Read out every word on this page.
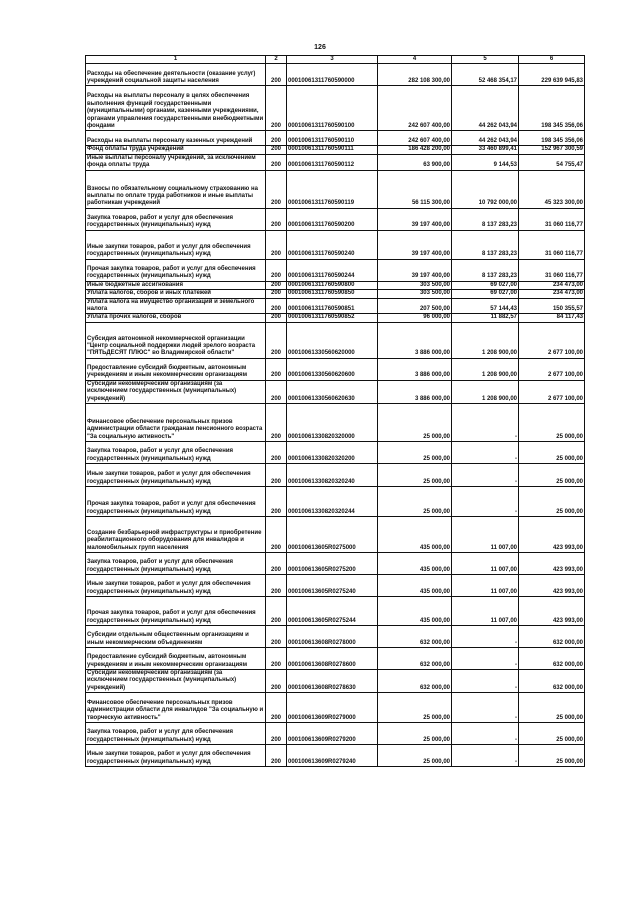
126
1	2	3	4	5	6
Расходы на обеспечение деятельности (оказание услуг) учреждений социальной защиты населения	200	00010061311760590000	282 108 300,00	52 468 354,17	229 639 945,83
Расходы на выплаты персоналу в целях обеспечения выполнения функций государственными (муниципальными) органами, казенными учреждениями, органами управления государственными внебюджетными фондами	200	00010061311760590100	242 607 400,00	44 262 043,94	198 345 356,06
Расходы на выплаты персоналу казенных учреждений	200	00010061311760590110	242 607 400,00	44 262 043,94	198 345 356,06
Фонд оплаты труда учреждений	200	00010061311760590111	186 428 200,00	33 460 899,41	152 967 300,59
Иные выплаты персоналу учреждений, за исключением фонда оплаты труда	200	00010061311760590112	63 900,00	9 144,53	54 755,47
Взносы по обязательному социальному страхованию на выплаты по оплате труда работников и иные выплаты работникам учреждений	200	00010061311760590119	56 115 300,00	10 792 000,00	45 323 300,00
Закупка товаров, работ и услуг для обеспечения государственных (муниципальных) нужд	200	00010061311760590200	39 197 400,00	8 137 283,23	31 060 116,77
Иные закупки товаров, работ и услуг для обеспечения государственных (муниципальных) нужд	200	00010061311760590240	39 197 400,00	8 137 283,23	31 060 116,77
Прочая закупка товаров, работ и услуг для обеспечения государственных (муниципальных) нужд	200	00010061311760590244	39 197 400,00	8 137 283,23	31 060 116,77
Иные бюджетные ассигнования	200	00010061311760590800	303 500,00	69 027,00	234 473,00
Уплата налогов, сборов и иных платежей	200	00010061311760590850	303 500,00	69 027,00	234 473,00
Уплата налога на имущество организаций и земельного налога	200	00010061311760590851	207 500,00	57 144,43	150 355,57
Уплата прочих налогов, сборов	200	00010061311760590852	96 000,00	11 882,57	84 117,43
Субсидия автономной некоммерческой организации "Центр социальной поддержки людей зрелого возраста "ПЯТЬДЕСЯТ ПЛЮС" во Владимирской области"	200	00010061330560620000	3 886 000,00	1 208 900,00	2 677 100,00
Предоставление субсидий бюджетным, автономным учреждениям и иным некоммерческим организациям	200	00010061330560620600	3 886 000,00	1 208 900,00	2 677 100,00
Субсидии некоммерческим организациям (за исключением государственных (муниципальных) учреждений)	200	00010061330560620630	3 886 000,00	1 208 900,00	2 677 100,00
Финансовое обеспечение персональных призов администрации области гражданам пенсионного возраста "За социальную активность"	200	00010061330820320000	25 000,00	-	25 000,00
Закупка товаров, работ и услуг для обеспечения государственных (муниципальных) нужд	200	00010061330820320200	25 000,00	-	25 000,00
Иные закупки товаров, работ и услуг для обеспечения государственных (муниципальных) нужд	200	00010061330820320240	25 000,00	-	25 000,00
Прочая закупка товаров, работ и услуг для обеспечения государственных (муниципальных) нужд	200	00010061330820320244	25 000,00	-	25 000,00
Создание безбарьерной инфраструктуры и приобретение реабилитационного оборудования для инвалидов и маломобильных групп населения	200	000100613605R0275000	435 000,00	11 007,00	423 993,00
Закупка товаров, работ и услуг для обеспечения государственных (муниципальных) нужд	200	000100613605R0275200	435 000,00	11 007,00	423 993,00
Иные закупки товаров, работ и услуг для обеспечения государственных (муниципальных) нужд	200	000100613605R0275240	435 000,00	11 007,00	423 993,00
Прочая закупка товаров, работ и услуг для обеспечения государственных (муниципальных) нужд	200	000100613605R0275244	435 000,00	11 007,00	423 993,00
Субсидии отдельным общественным организациям и иным некоммерческим объединениям	200	000100613608R0278000	632 000,00	-	632 000,00
Предоставление субсидий бюджетным, автономным учреждениям и иным некоммерческим организациям	200	000100613608R0278600	632 000,00	-	632 000,00
Субсидии некоммерческим организациям (за исключением государственных (муниципальных) учреждений)	200	000100613608R0278630	632 000,00	-	632 000,00
Финансовое обеспечение персональных призов администрации области для инвалидов "За социальную и творческую активность"	200	000100613609R0279000	25 000,00	-	25 000,00
Закупка товаров, работ и услуг для обеспечения государственных (муниципальных) нужд	200	000100613609R0279200	25 000,00	-	25 000,00
Иные закупки товаров, работ и услуг для обеспечения государственных (муниципальных) нужд	200	000100613609R0279240	25 000,00	-	25 000,00
